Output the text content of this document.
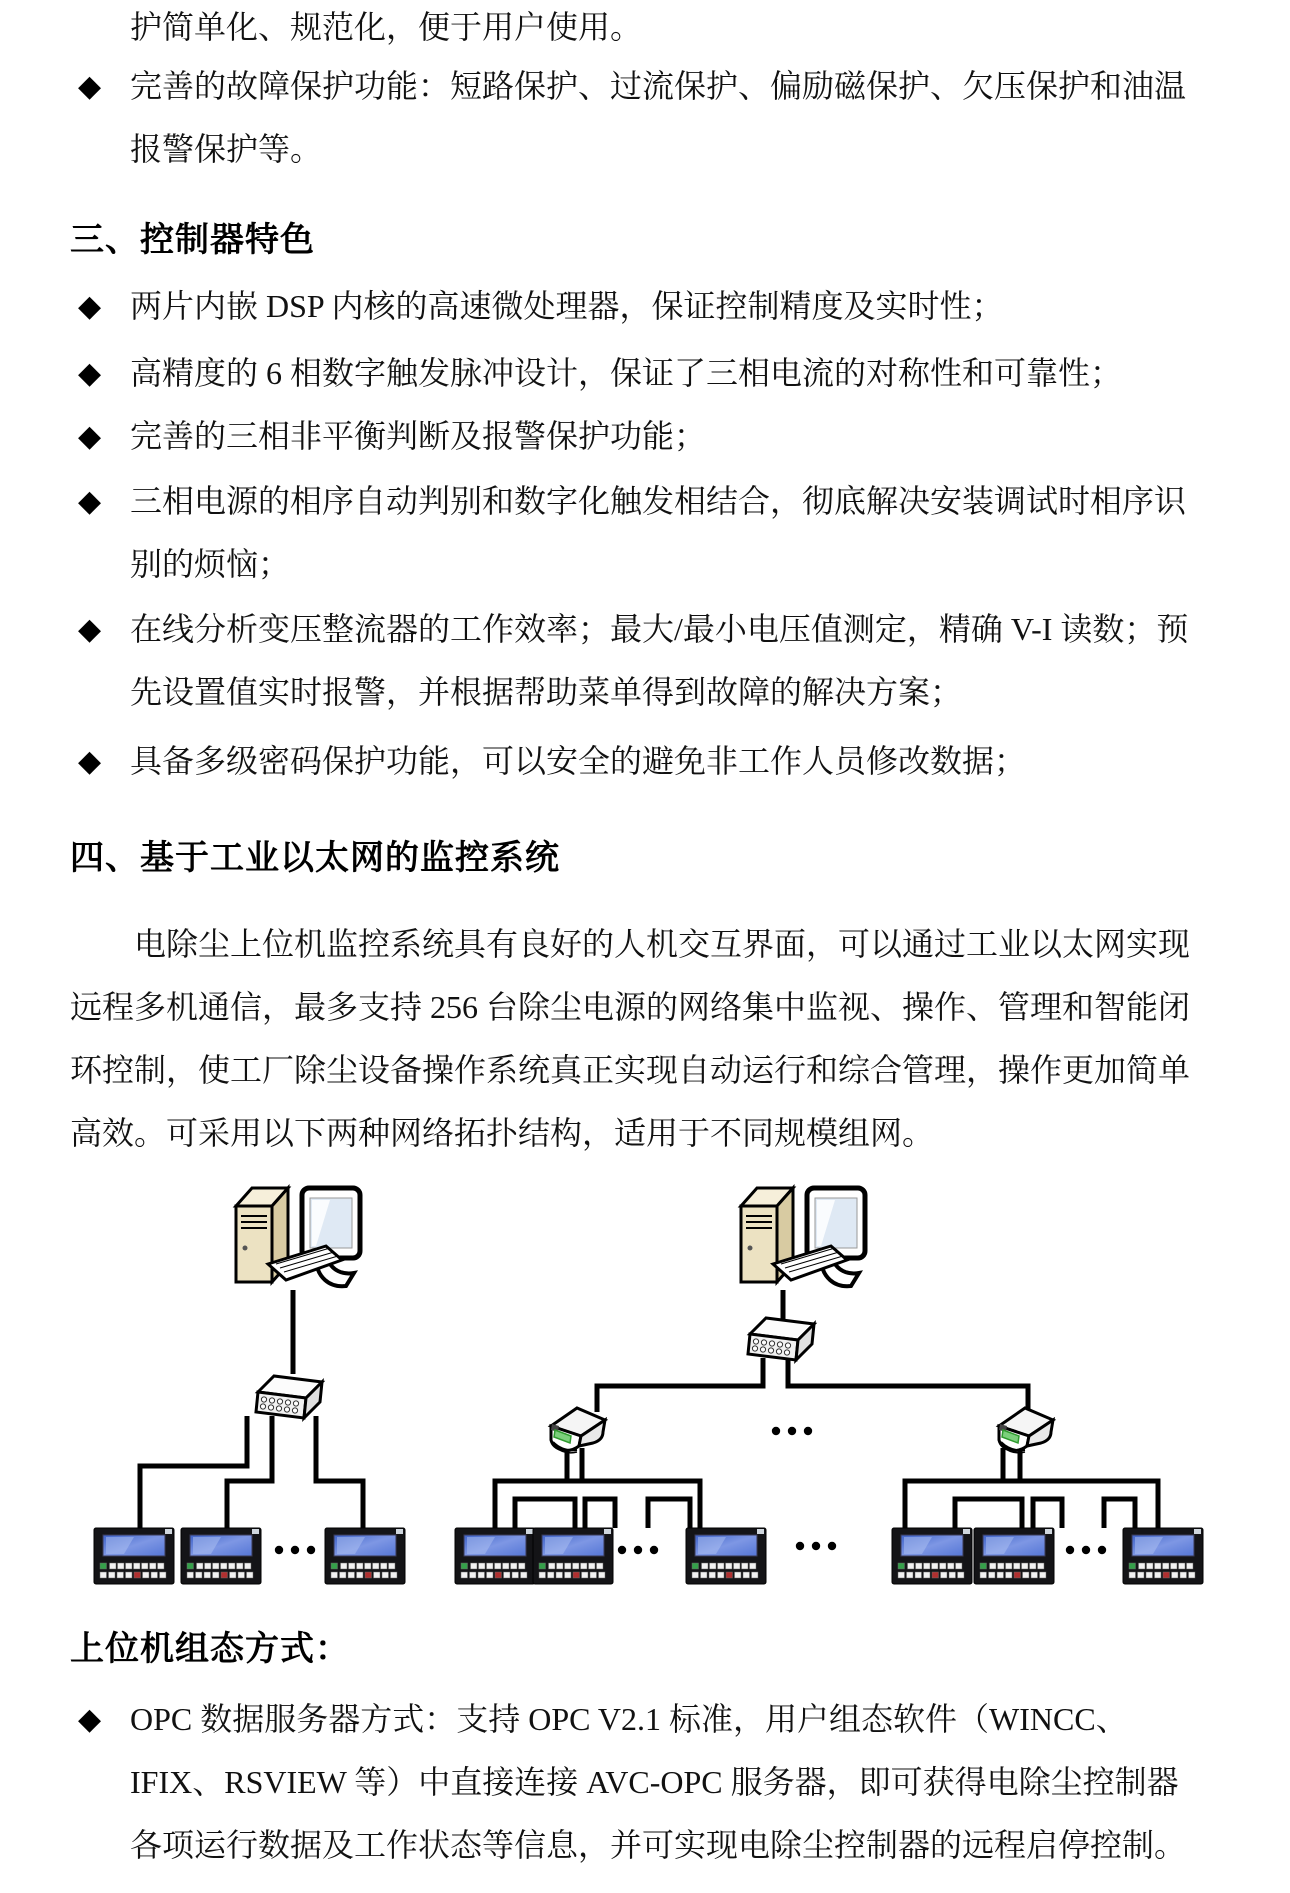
护简单化、规范化，便于用户使用。

◆ 完善的故障保护功能：短路保护、过流保护、偏励磁保护、欠压保护和油温报警保护等。
三、控制器特色
◆ 两片内嵌 DSP 内核的高速微处理器，保证控制精度及实时性；
◆ 高精度的 6 相数字触发脉冲设计，保证了三相电流的对称性和可靠性；
◆ 完善的三相非平衡判断及报警保护功能；
◆ 三相电源的相序自动判别和数字化触发相结合，彻底解决安装调试时相序识别的烦恼；
◆ 在线分析变压整流器的工作效率；最大/最小电压值测定，精确 V-I 读数；预先设置值实时报警，并根据帮助菜单得到故障的解决方案；
◆ 具备多级密码保护功能，可以安全的避免非工作人员修改数据；
四、基于工业以太网的监控系统

电除尘上位机监控系统具有良好的人机交互界面，可以通过工业以太网实现远程多机通信，最多支持 256 台除尘电源的网络集中监视、操作、管理和智能闭环控制，使工厂除尘设备操作系统真正实现自动运行和综合管理，操作更加简单高效。可采用以下两种网络拓扑结构，适用于不同规模组网。

上位机组态方式：
◆ OPC 数据服务器方式：支持 OPC V2.1 标准，用户组态软件（WINCC、IFIX、RSVIEW 等）中直接连接 AVC-OPC 服务器，即可获得电除尘控制器各项运行数据及工作状态等信息，并可实现电除尘控制器的远程启停控制。
